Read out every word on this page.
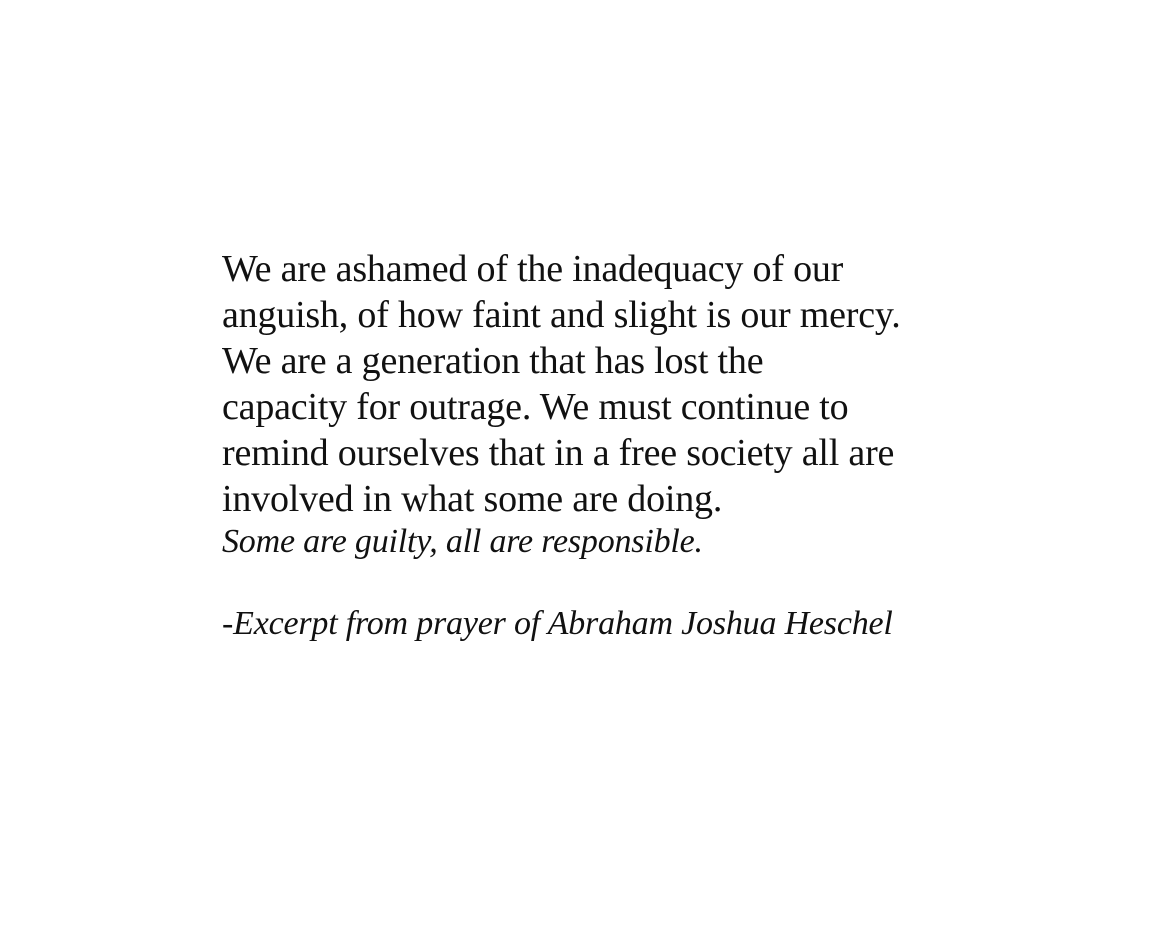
We are ashamed of the inadequacy of our
anguish, of how faint and slight is our mercy.
We are a generation that has lost the
capacity for outrage. We must continue to
remind ourselves that in a free society all are
involved in what some are doing.
Some are guilty, all are responsible.
-Excerpt from prayer of Abraham Joshua Heschel
